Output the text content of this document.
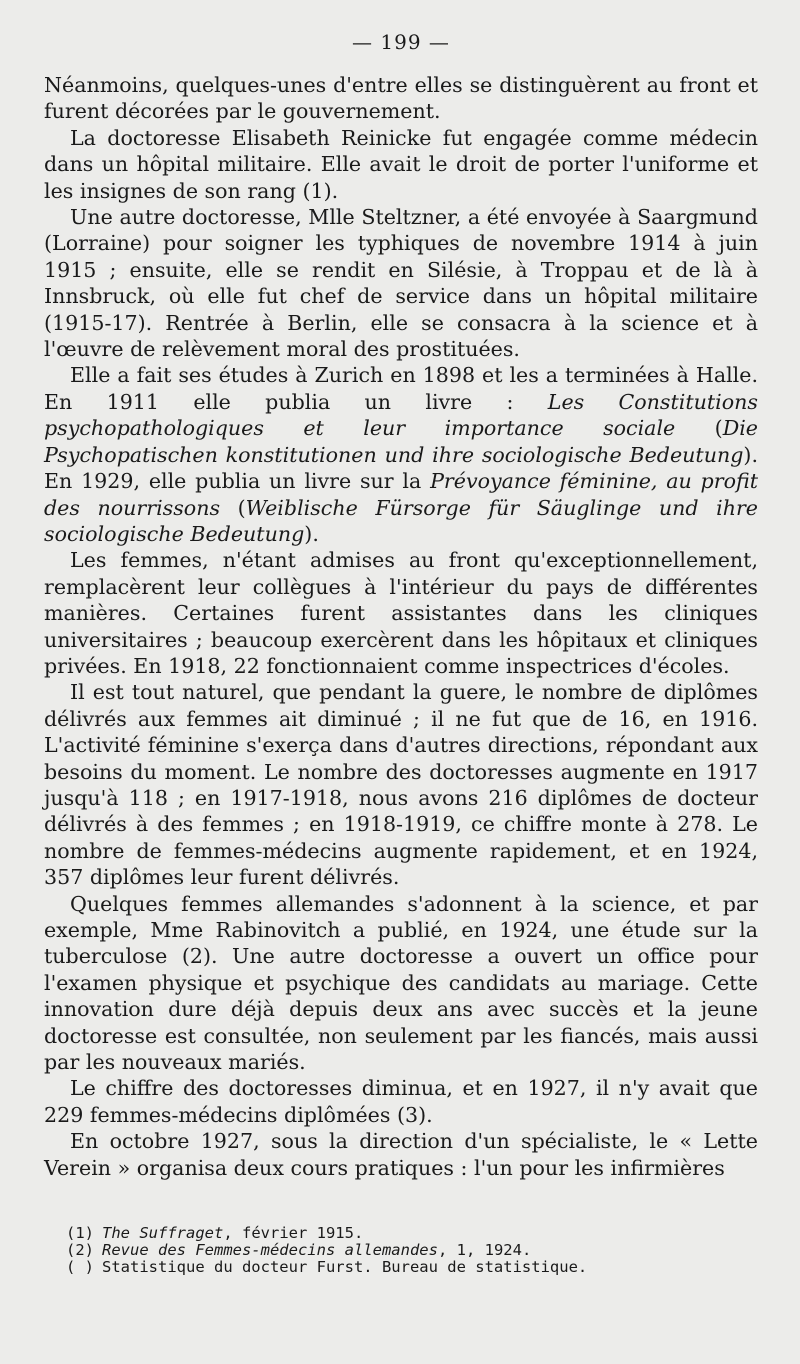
— 199 —

Néanmoins, quelques-unes d'entre elles se distinguèrent au front et furent décorées par le gouvernement.

La doctoresse Elisabeth Reinicke fut engagée comme médecin dans un hôpital militaire. Elle avait le droit de porter l'uniforme et les insignes de son rang (1).

Une autre doctoresse, Mlle Steltzner, a été envoyée à Saargmund (Lorraine) pour soigner les typhiques de novembre 1914 à juin 1915 ; ensuite, elle se rendit en Silésie, à Troppau et de là à Innsbruck, où elle fut chef de service dans un hôpital militaire (1915-17). Rentrée à Berlin, elle se consacra à la science et à l'œuvre de relèvement moral des prostituées.

Elle a fait ses études à Zurich en 1898 et les a terminées à Halle. En 1911 elle publia un livre : Les Constitutions psychopathologiques et leur importance sociale (Die Psychopatischen konstitutionen und ihre sociologische Bedeutung). En 1929, elle publia un livre sur la Prévoyance féminine, au profit des nourrissons (Weiblische Fürsorge für Säuglinge und ihre sociologische Bedeutung).

Les femmes, n'étant admises au front qu'exceptionnellement, remplacèrent leur collègues à l'intérieur du pays de différentes manières. Certaines furent assistantes dans les cliniques universitaires ; beaucoup exercèrent dans les hôpitaux et cliniques privées. En 1918, 22 fonctionnaient comme inspectrices d'écoles.

Il est tout naturel, que pendant la guere, le nombre de diplômes délivrés aux femmes ait diminué ; il ne fut que de 16, en 1916. L'activité féminine s'exerça dans d'autres directions, répondant aux besoins du moment. Le nombre des doctoresses augmente en 1917 jusqu'à 118 ; en 1917-1918, nous avons 216 diplômes de docteur délivrés à des femmes ; en 1918-1919, ce chiffre monte à 278. Le nombre de femmes-médecins augmente rapidement, et en 1924, 357 diplômes leur furent délivrés.

Quelques femmes allemandes s'adonnent à la science, et par exemple, Mme Rabinovitch a publié, en 1924, une étude sur la tuberculose (2). Une autre doctoresse a ouvert un office pour l'examen physique et psychique des candidats au mariage. Cette innovation dure déjà depuis deux ans avec succès et la jeune doctoresse est consultée, non seulement par les fiancés, mais aussi par les nouveaux mariés.

Le chiffre des doctoresses diminua, et en 1927, il n'y avait que 229 femmes-médecins diplômées (3).

En octobre 1927, sous la direction d'un spécialiste, le « Lette Verein » organisa deux cours pratiques : l'un pour les infirmières

(1) The Suffraget, février 1915.
(2) Revue des Femmes-médecins allemandes, 1, 1924.
( ) Statistique du docteur Furst. Bureau de statistique.
